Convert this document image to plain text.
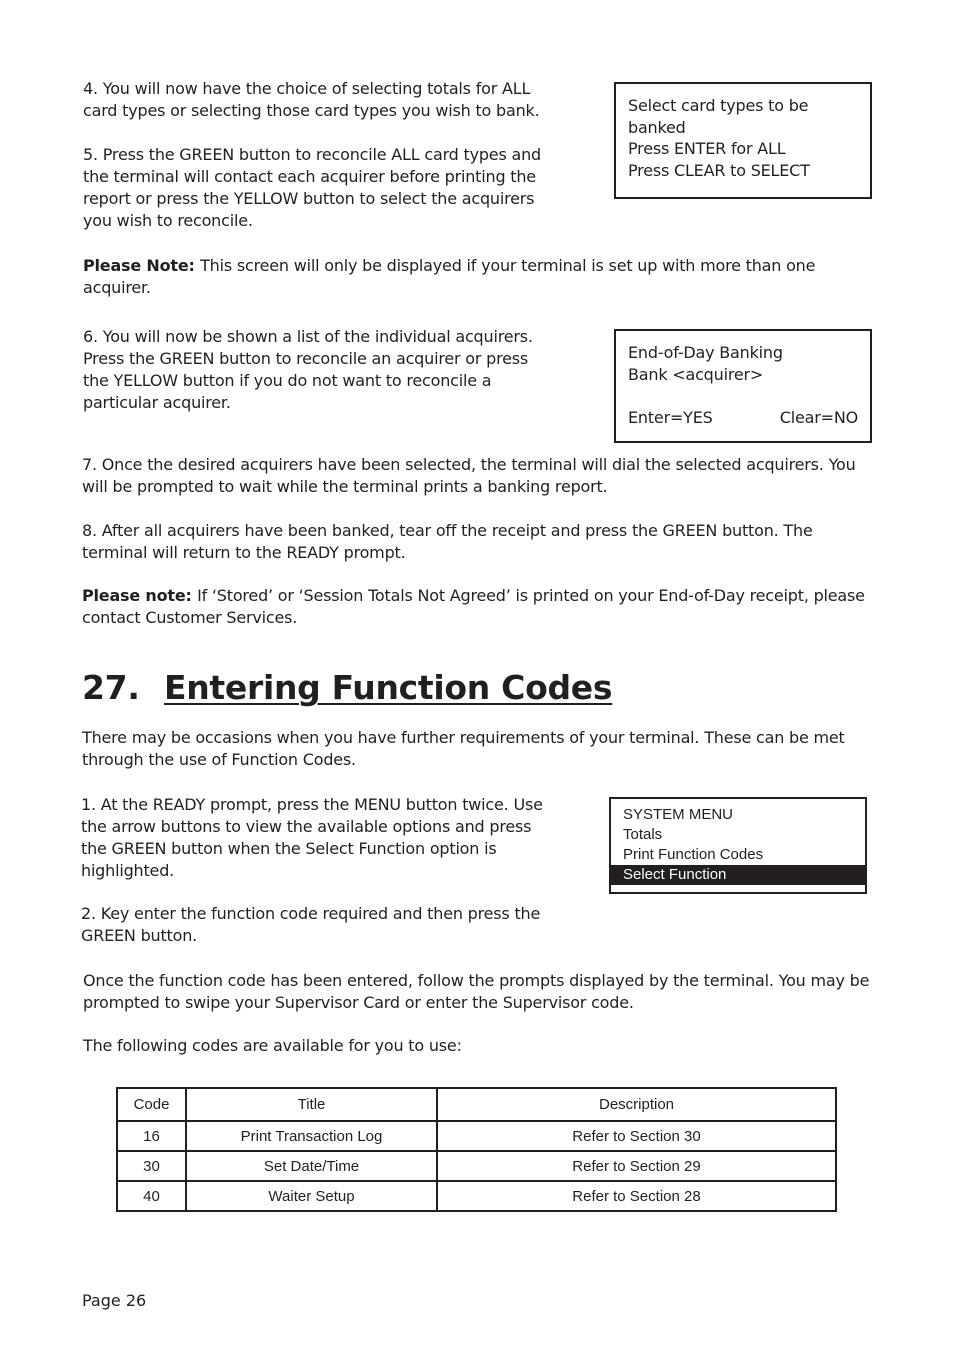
4. You will now have the choice of selecting totals for ALL card types or selecting those card types you wish to bank.

5. Press the GREEN button to reconcile ALL card types and the terminal will contact each acquirer before printing the report or press the YELLOW button to select the acquirers you wish to reconcile.

Select card types to be
banked
Press ENTER for ALL
Press CLEAR to SELECT

Please Note: This screen will only be displayed if your terminal is set up with more than one acquirer.

6. You will now be shown a list of the individual acquirers. Press the GREEN button to reconcile an acquirer or press the YELLOW button if you do not want to reconcile a particular acquirer.

End-of-Day Banking
Bank <acquirer>

Enter=YES	Clear=NO

7. Once the desired acquirers have been selected, the terminal will dial the selected acquirers. You will be prompted to wait while the terminal prints a banking report.

8. After all acquirers have been banked, tear off the receipt and press the GREEN button. The terminal will return to the READY prompt.

Please note: If ‘Stored’ or ‘Session Totals Not Agreed’ is printed on your End-of-Day receipt, please contact Customer Services.

27. Entering Function Codes

There may be occasions when you have further requirements of your terminal. These can be met through the use of Function Codes.

1. At the READY prompt, press the MENU button twice. Use the arrow buttons to view the available options and press the GREEN button when the Select Function option is highlighted.

SYSTEM MENU
Totals
Print Function Codes
Select Function

2. Key enter the function code required and then press the GREEN button.

Once the function code has been entered, follow the prompts displayed by the terminal. You may be prompted to swipe your Supervisor Card or enter the Supervisor code.

The following codes are available for you to use:

Code	Title	Description
16	Print Transaction Log	Refer to Section 30
30	Set Date/Time	Refer to Section 29
40	Waiter Setup	Refer to Section 28
Page 26
